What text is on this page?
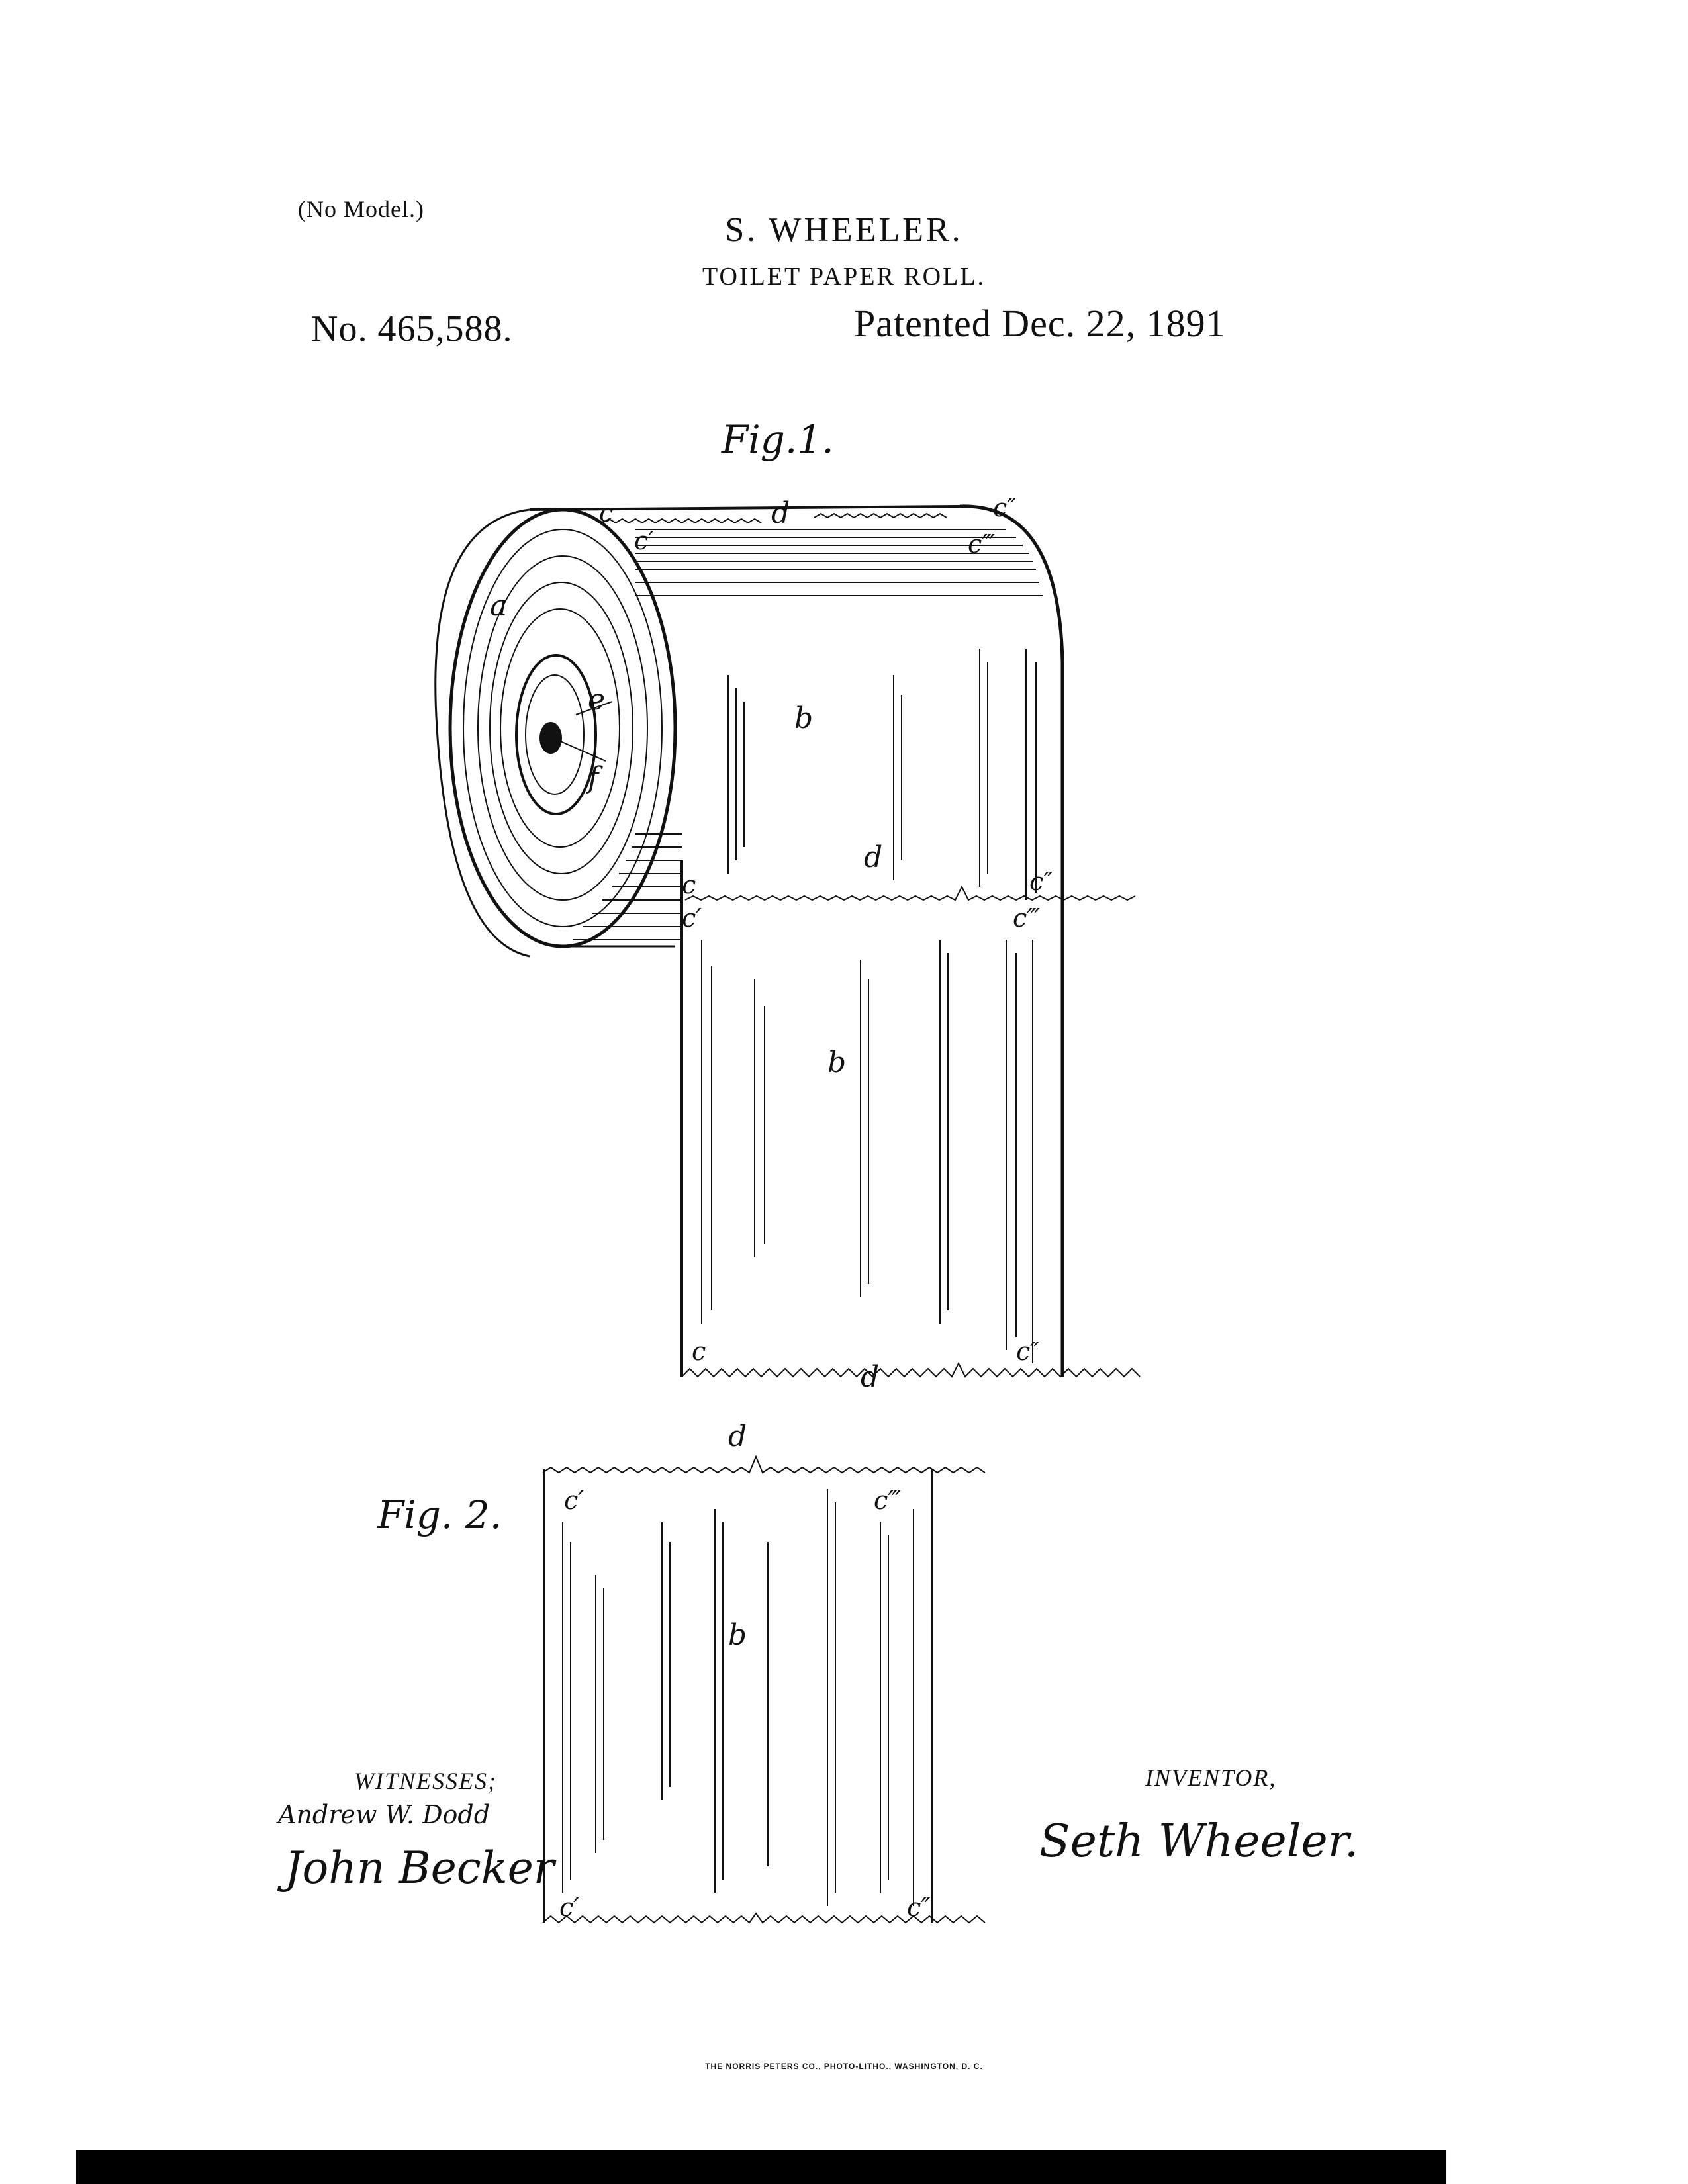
(No Model.)
S. WHEELER.
TOILET PAPER ROLL.
No. 465,588.	Patented Dec. 22, 1891
Fig.1.
Fig. 2.
a
b
b
c
c′
d	c″
c‴
e
f
c
c′
d
c″
c‴
c
d
c″
d
c′	c‴
b
c′	c″
Andrew W. Dodd
John Becker
Seth Wheeler.
WITNESSES;	INVENTOR,
THE NORRIS PETERS CO., PHOTO-LITHO., WASHINGTON, D. C.
